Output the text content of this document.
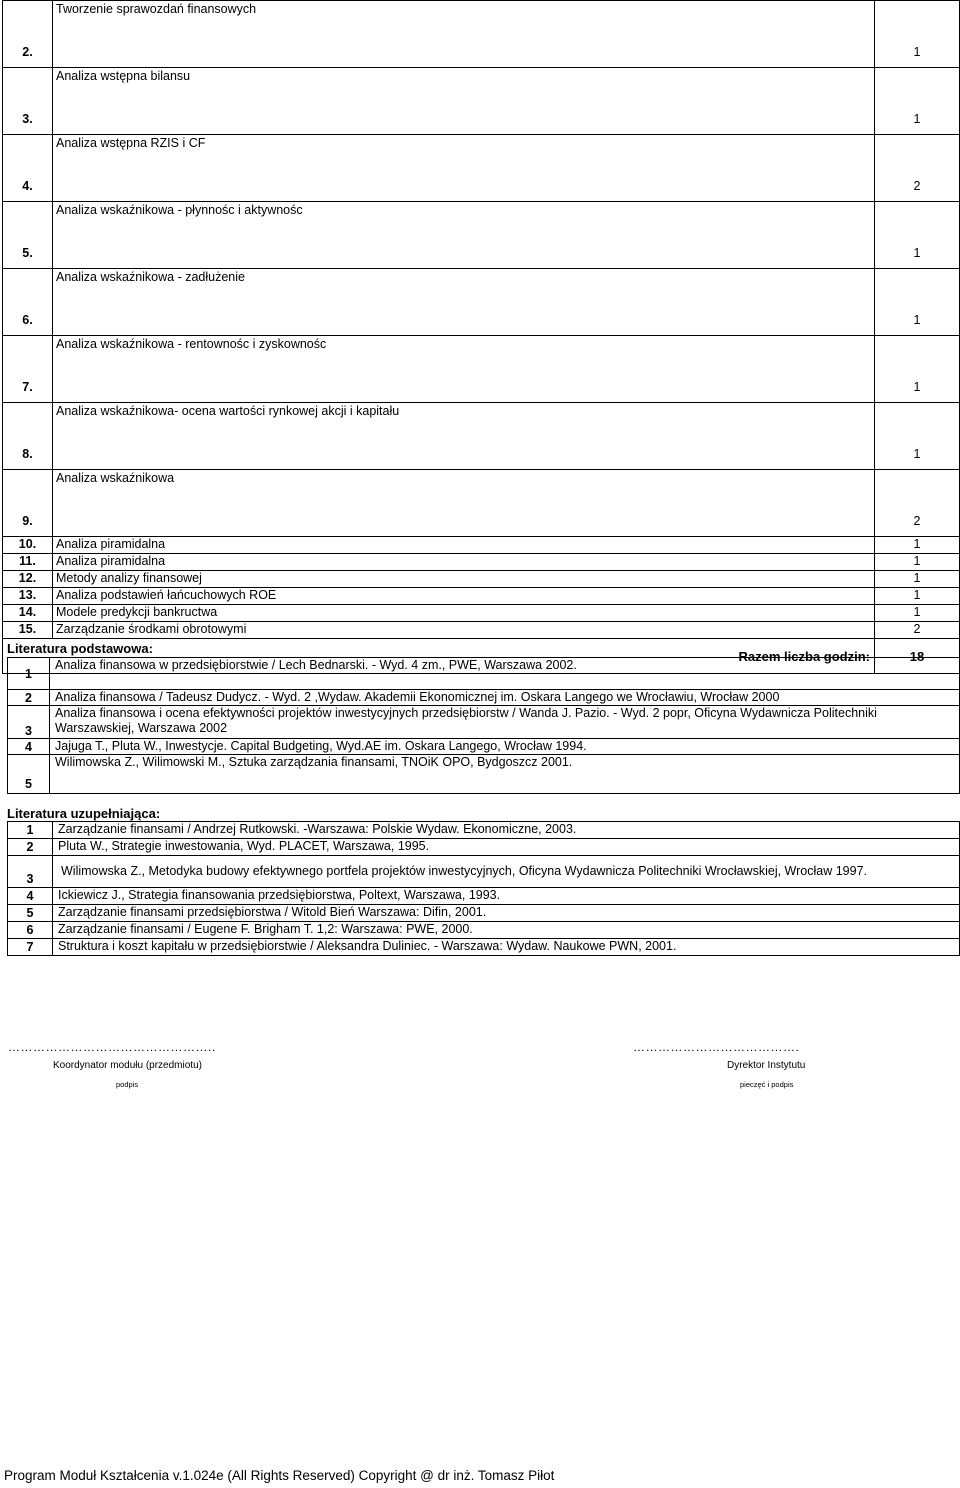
2.	Tworzenie sprawozdań finansowych	1
3.	Analiza wstępna bilansu	1
4.	Analiza wstępna RZIS i CF	2
5.	Analiza wskaźnikowa - płynnośc i aktywnośc	1
6.	Analiza wskaźnikowa - zadłużenie	1
7.	Analiza wskaźnikowa - rentownośc i zyskownośc	1
8.	Analiza wskaźnikowa- ocena wartości rynkowej akcji i kapitału	1
9.	Analiza wskaźnikowa	2
10.	Analiza piramidalna	1
11.	Analiza piramidalna	1
12.	Metody analizy finansowej	1
13.	Analiza podstawień łańcuchowych ROE	1
14.	Modele predykcji bankructwa	1
15.	Zarządzanie środkami obrotowymi	2
Razem liczba godzin:		18
Literatura podstawowa:
1	Analiza finansowa w przedsiębiorstwie / Lech Bednarski. - Wyd. 4 zm., PWE, Warszawa 2002.
2	Analiza finansowa / Tadeusz Dudycz. - Wyd. 2 ,Wydaw. Akademii Ekonomicznej im. Oskara Langego we Wrocławiu, Wrocław 2000
3	Analiza finansowa i ocena efektywności projektów inwestycyjnych przedsiębiorstw / Wanda J. Pazio. - Wyd. 2 popr, Oficyna Wydawnicza Politechniki Warszawskiej, Warszawa 2002
4	Jajuga T., Pluta W., Inwestycje. Capital Budgeting, Wyd.AE im. Oskara Langego, Wrocław 1994.
5	Wilimowska Z., Wilimowski M., Sztuka zarządzania finansami, TNOiK OPO, Bydgoszcz 2001.
Literatura uzupełniająca:
1	Zarządzanie finansami / Andrzej Rutkowski. -Warszawa: Polskie Wydaw. Ekonomiczne, 2003.
2	Pluta W., Strategie inwestowania, Wyd. PLACET, Warszawa, 1995.
3	Wilimowska Z., Metodyka budowy efektywnego portfela projektów inwestycyjnych, Oficyna Wydawnicza Politechniki Wrocławskiej, Wrocław 1997.
4	Ickiewicz J., Strategia finansowania przedsiębiorstwa, Poltext, Warszawa, 1993.
5	Zarządzanie finansami przedsiębiorstwa / Witold Bień Warszawa: Difin, 2001.
6	Zarządzanie finansami / Eugene F. Brigham T. 1,2: Warszawa: PWE, 2000.
7	Struktura i koszt kapitału w przedsiębiorstwie / Aleksandra Duliniec. - Warszawa: Wydaw. Naukowe PWN, 2001.
…………………………………………..
Koordynator modułu (przedmiotu)
podpis
………………………………….
Dyrektor Instytutu
pieczęć i podpis
Program Moduł Kształcenia v.1.024e (All Rights Reserved) Copyright @ dr inż. Tomasz Piłot
